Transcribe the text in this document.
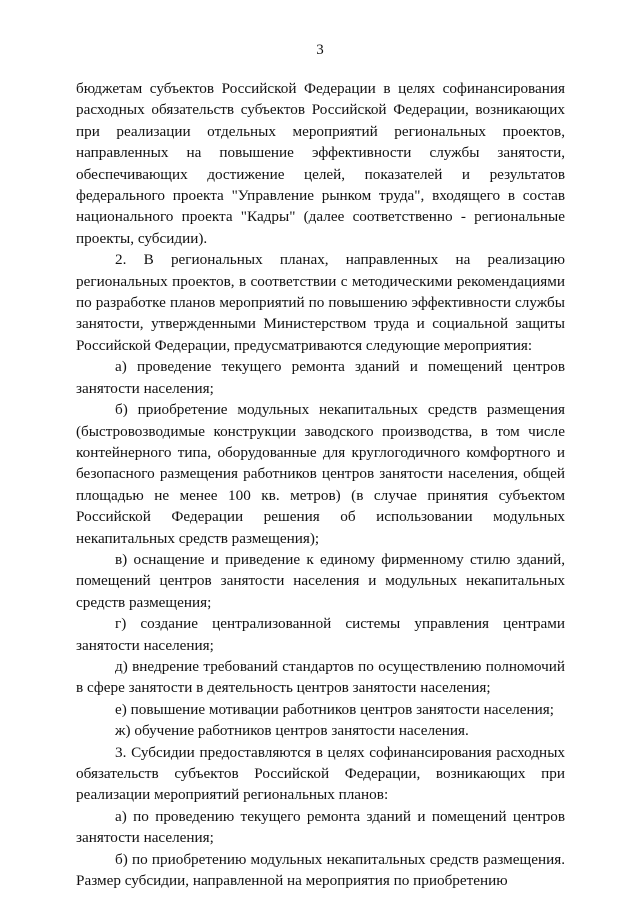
3

бюджетам субъектов Российской Федерации в целях софинансирования расходных обязательств субъектов Российской Федерации, возникающих при реализации отдельных мероприятий региональных проектов, направленных на повышение эффективности службы занятости, обеспечивающих достижение целей, показателей и результатов федерального проекта "Управление рынком труда", входящего в состав национального проекта "Кадры" (далее соответственно - региональные проекты, субсидии).

2. В региональных планах, направленных на реализацию региональных проектов, в соответствии с методическими рекомендациями по разработке планов мероприятий по повышению эффективности службы занятости, утвержденными Министерством труда и социальной защиты Российской Федерации, предусматриваются следующие мероприятия:

а) проведение текущего ремонта зданий и помещений центров занятости населения;

б) приобретение модульных некапитальных средств размещения (быстровозводимые конструкции заводского производства, в том числе контейнерного типа, оборудованные для круглогодичного комфортного и безопасного размещения работников центров занятости населения, общей площадью не менее 100 кв. метров) (в случае принятия субъектом Российской Федерации решения об использовании модульных некапитальных средств размещения);

в) оснащение и приведение к единому фирменному стилю зданий, помещений центров занятости населения и модульных некапитальных средств размещения;

г) создание централизованной системы управления центрами занятости населения;

д) внедрение требований стандартов по осуществлению полномочий в сфере занятости в деятельность центров занятости населения;

е) повышение мотивации работников центров занятости населения;

ж) обучение работников центров занятости населения.

3. Субсидии предоставляются в целях софинансирования расходных обязательств субъектов Российской Федерации, возникающих при реализации мероприятий региональных планов:

а) по проведению текущего ремонта зданий и помещений центров занятости населения;

б) по приобретению модульных некапитальных средств размещения. Размер субсидии, направленной на мероприятия по приобретению
